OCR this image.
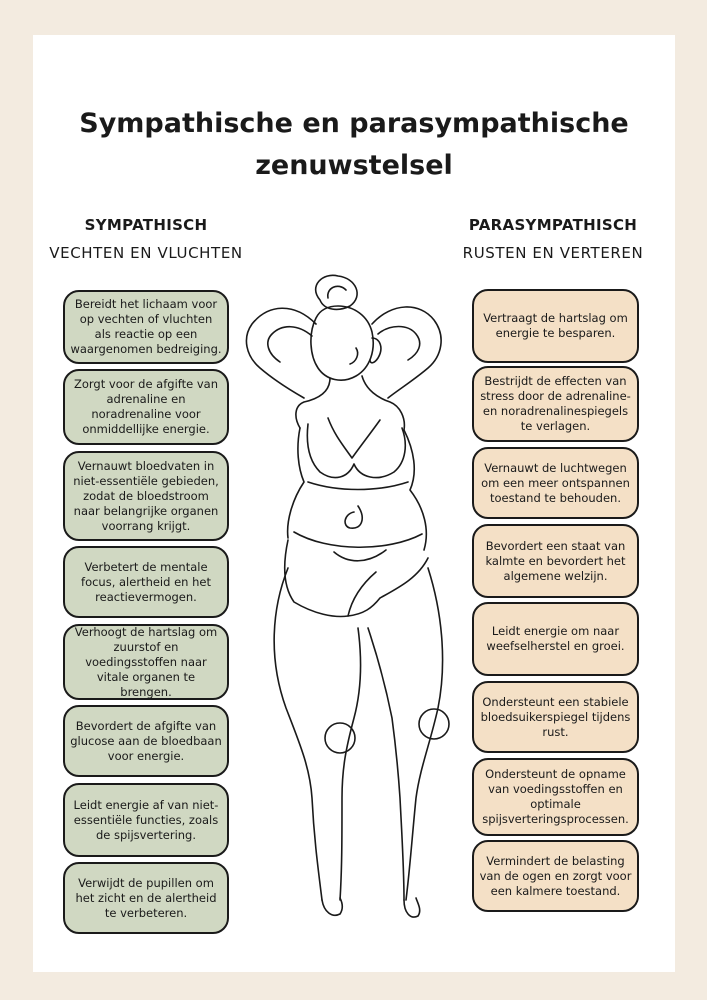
Sympathische en parasympathische
zenuwstelsel
SYMPATHISCH
VECHTEN EN VLUCHTEN
PARASYMPATHISCH
RUSTEN EN VERTEREN
Bereidt het lichaam voor op vechten of vluchten als reactie op een waargenomen bedreiging.
Zorgt voor de afgifte van adrenaline en noradrenaline voor onmiddellijke energie.
Vernauwt bloedvaten in niet-essentiële gebieden, zodat de bloedstroom naar belangrijke organen voorrang krijgt.
Verbetert de mentale focus, alertheid en het reactievermogen.
Verhoogt de hartslag om zuurstof en voedingsstoffen naar vitale organen te brengen.
Bevordert de afgifte van glucose aan de bloedbaan voor energie.
Leidt energie af van niet-essentiële functies, zoals de spijsvertering.
Verwijdt de pupillen om het zicht en de alertheid te verbeteren.
Vertraagt de hartslag om energie te besparen.
Bestrijdt de effecten van stress door de adrenaline- en noradrenalinespiegels te verlagen.
Vernauwt de luchtwegen om een meer ontspannen toestand te behouden.
Bevordert een staat van kalmte en bevordert het algemene welzijn.
Leidt energie om naar weefselherstel en groei.
Ondersteunt een stabiele bloedsuikerspiegel tijdens rust.
Ondersteunt de opname van voedingsstoffen en optimale spijsverteringsprocessen.
Vermindert de belasting van de ogen en zorgt voor een kalmere toestand.
